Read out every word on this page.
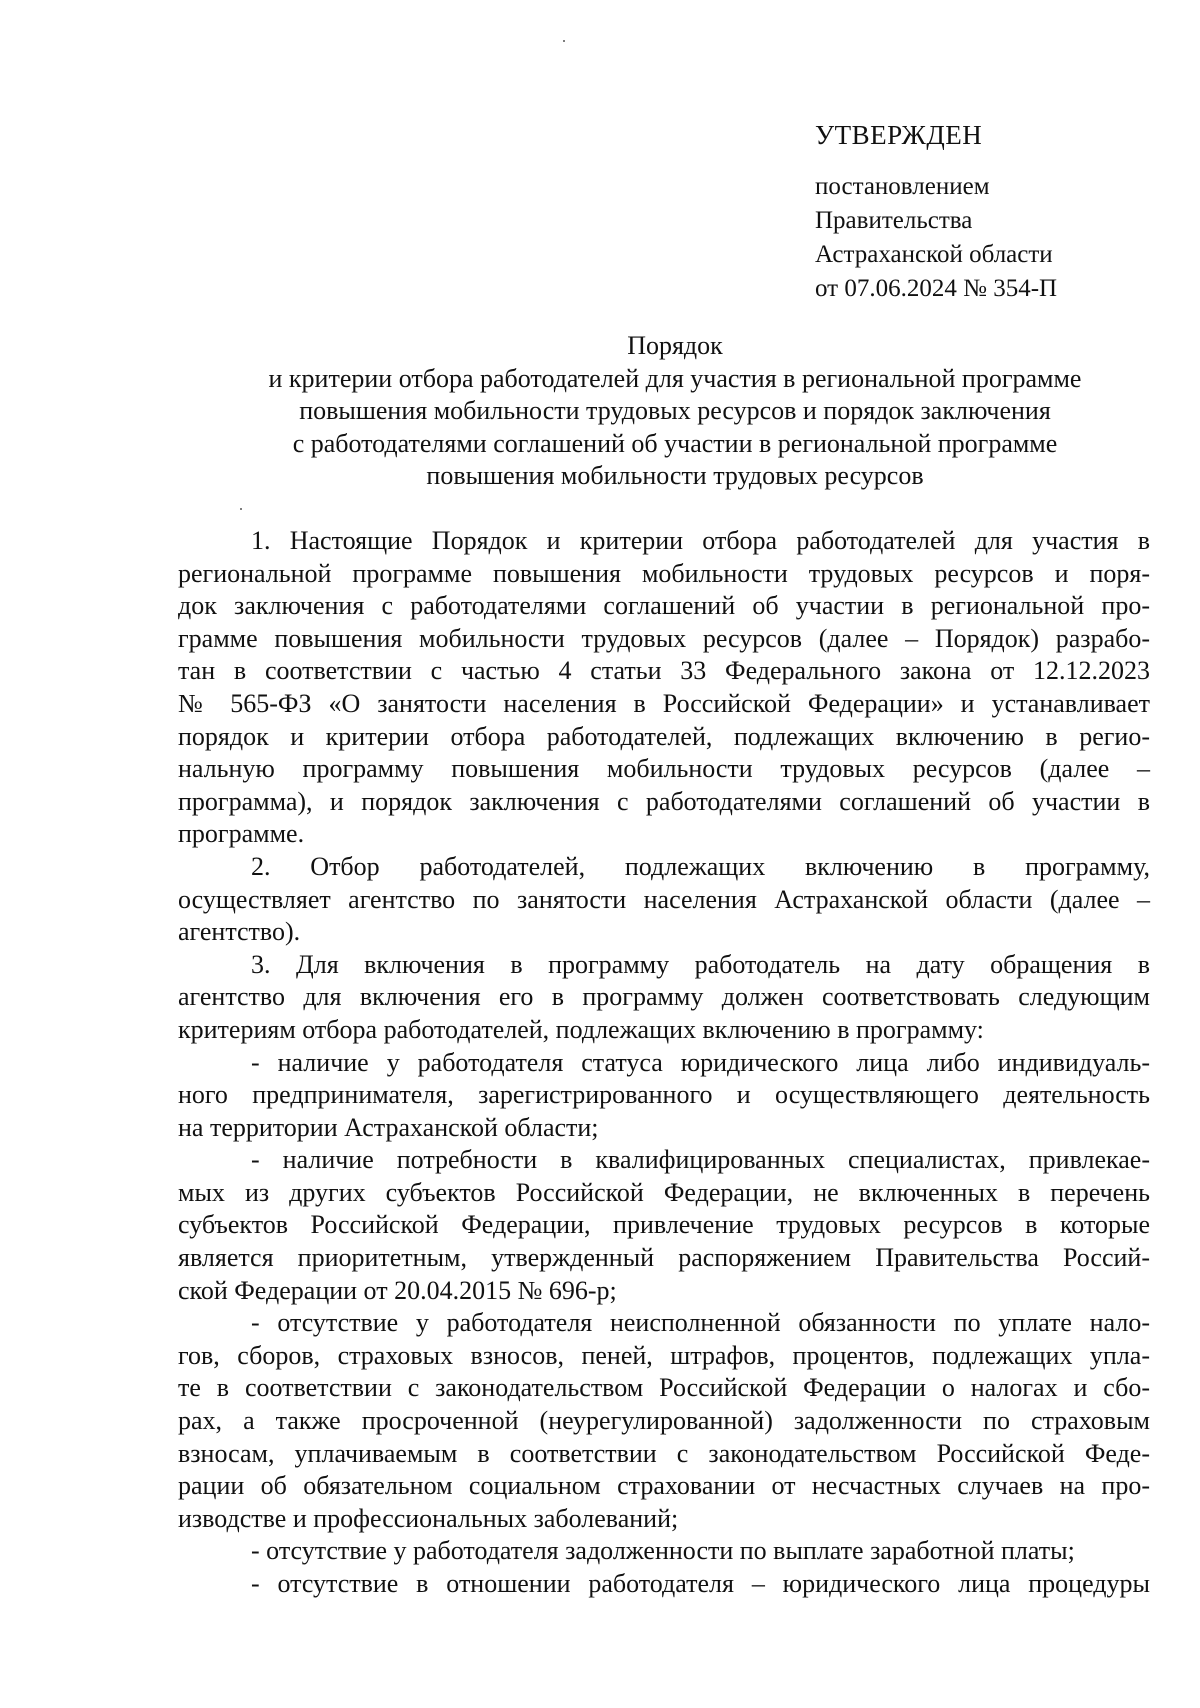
УТВЕРЖДЕН
постановлением
Правительства
Астраханской области
от 07.06.2024 № 354-П
Порядок
и критерии отбора работодателей для участия в региональной программе
повышения мобильности трудовых ресурсов и порядок заключения
с работодателями соглашений об участии в региональной программе
повышения мобильности трудовых ресурсов
1. Настоящие Порядок и критерии отбора работодателей для участия в
региональной программе повышения мобильности трудовых ресурсов и поря-
док заключения с работодателями соглашений об участии в региональной про-
грамме повышения мобильности трудовых ресурсов (далее – Порядок) разрабо-
тан в соответствии с частью 4 статьи 33 Федерального закона от 12.12.2023
№ 565-ФЗ «О занятости населения в Российской Федерации» и устанавливает
порядок и критерии отбора работодателей, подлежащих включению в регио-
нальную программу повышения мобильности трудовых ресурсов (далее –
программа), и порядок заключения с работодателями соглашений об участии в
программе.
2. Отбор работодателей, подлежащих включению в программу,
осуществляет агентство по занятости населения Астраханской области (далее –
агентство).
3. Для включения в программу работодатель на дату обращения в
агентство для включения его в программу должен соответствовать следующим
критериям отбора работодателей, подлежащих включению в программу:
- наличие у работодателя статуса юридического лица либо индивидуаль-
ного предпринимателя, зарегистрированного и осуществляющего деятельность
на территории Астраханской области;
- наличие потребности в квалифицированных специалистах, привлекае-
мых из других субъектов Российской Федерации, не включенных в перечень
субъектов Российской Федерации, привлечение трудовых ресурсов в которые
является приоритетным, утвержденный распоряжением Правительства Россий-
ской Федерации от 20.04.2015 № 696-р;
- отсутствие у работодателя неисполненной обязанности по уплате нало-
гов, сборов, страховых взносов, пеней, штрафов, процентов, подлежащих упла-
те в соответствии с законодательством Российской Федерации о налогах и сбо-
рах, а также просроченной (неурегулированной) задолженности по страховым
взносам, уплачиваемым в соответствии с законодательством Российской Феде-
рации об обязательном социальном страховании от несчастных случаев на про-
изводстве и профессиональных заболеваний;
- отсутствие у работодателя задолженности по выплате заработной платы;
- отсутствие в отношении работодателя – юридического лица процедуры
